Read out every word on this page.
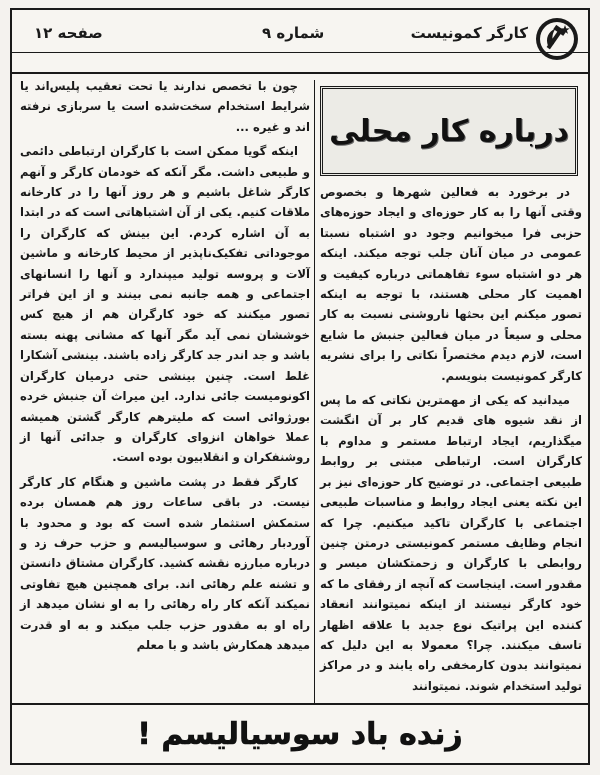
کارگر کمونیست
شماره ۹
صفحه ۱۲
درباره کار محلی

در برخورد به فعالین شهرها و بخصوص وقتی آنها را به کار حوزه‌ای و ایجاد حوزه‌های حزبی فرا میخوانیم وجود دو اشتباه نسبتا عمومی در میان آنان جلب توجه میکند. اینکه هر دو اشتباه سوء تفاهماتی درباره کیفیت و اهمیت کار محلی هستند، با توجه به اینکه تصور میکنم این بحثها ناروشنی نسبت به کار محلی و سیعاً در میان فعالین جنبش ما شایع است، لازم دیدم مختصراً نکاتی را برای نشریه کارگر کمونیست بنویسم.

میدانید که یکی از مهمترین نکاتی که ما پس از نقد شیوه های قدیم کار بر آن انگشت میگذاریم، ایجاد ارتباط مستمر و مداوم با کارگران است. ارتباطی مبتنی بر روابط طبیعی اجتماعی. در توضیح کار حوزه‌ای نیز بر این نکته یعنی ایجاد روابط و مناسبات طبیعی اجتماعی با کارگران تاکید میکنیم. چرا که انجام وظایف مستمر کمونیستی درمتن چنین روابطی با کارگران و زحمتکشان میسر و مقدور است. اینجاست که آنچه از رفقای ما که خود کارگر نیستند از اینکه نمیتوانند انعقاد کننده این پراتیک نوع جدید با علاقه اظهار تاسف میکنند. چرا؟ معمولا به این دلیل که نمیتوانند بدون کارمخفی راه یابند و در مراکز تولید استخدام شوند. نمیتوانند

چون با تخصص ندارند یا تحت تعقیب پلیس‌اند یا شرایط استخدام سخت‌شده است یا سربازی نرفته اند و غیره ...

اینکه گویا ممکن است با کارگران ارتباطی دائمی و طبیعی داشت. مگر آنکه که خودمان کارگر و آنهم کارگر شاغل باشیم و هر روز آنها را در کارخانه ملاقات کنیم. یکی از آن اشتباهاتی است که در ابتدا به آن اشاره کردم. این بینش که کارگران را موجوداتی تفکیک‌ناپذیر از محیط کارخانه و ماشین آلات و پروسه تولید میپندارد و آنها را انسانهای اجتماعی و همه جانبه نمی بینند و از این فراتر تصور میکنند که خود کارگران هم از هیچ کس خوششان نمی آید مگر آنها که مشانی پهنه بسته باشد و جد اندر جد کارگر زاده باشند. بینشی آشکارا غلط است. چنین بینشی حتی درمیان کارگران اکونومیست جائی ندارد. این میراث آن جنبش خرده بورژوائی است که ملیترهم کارگر گشتن همیشه عملا خواهان انزوای کارگران و جدائی آنها از روشنفکران و انقلابیون بوده است.

کارگر فقط در پشت ماشین و هنگام کار کارگر نیست. در باقی ساعات روز هم همسان برده ستمکش استثمار شده است که بود و محدود با آوردبار رهائی و سوسیالیسم و حزب حرف زد و درباره مبارزه نقشه کشید. کارگران مشتاق دانستن و تشنه علم رهائی اند. برای همچنین هیچ تفاوتی نمیکند آنکه کار راه رهائی را به او نشان میدهد از راه او به مقدور حزب جلب میکند و به او قدرت میدهد همکارش باشد و با معلم

زنده باد سوسیالیسم !
